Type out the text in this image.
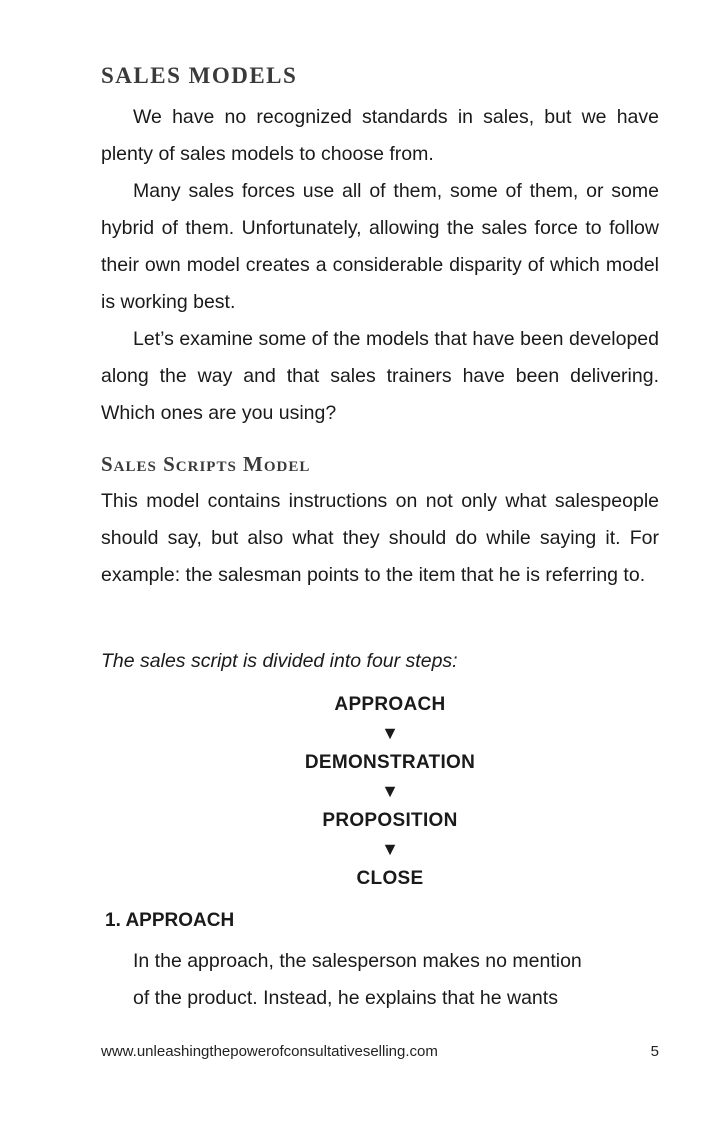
SALES MODELS

We have no recognized standards in sales, but we have plenty of sales models to choose from.

Many sales forces use all of them, some of them, or some hybrid of them. Unfortunately, allowing the sales force to follow their own model creates a considerable disparity of which model is working best.

Let’s examine some of the models that have been developed along the way and that sales trainers have been delivering. Which ones are you using?

Sales Scripts Model

This model contains instructions on not only what salespeople should say, but also what they should do while saying it. For example: the salesman points to the item that he is referring to.

The sales script is divided into four steps:

APPROACH
▼
DEMONSTRATION
▼
PROPOSITION
▼
CLOSE

1. APPROACH

In the approach, the salesperson makes no mention
of the product. Instead, he explains that he wants
www.unleashingthepowerofconsultativeselling.com	5
